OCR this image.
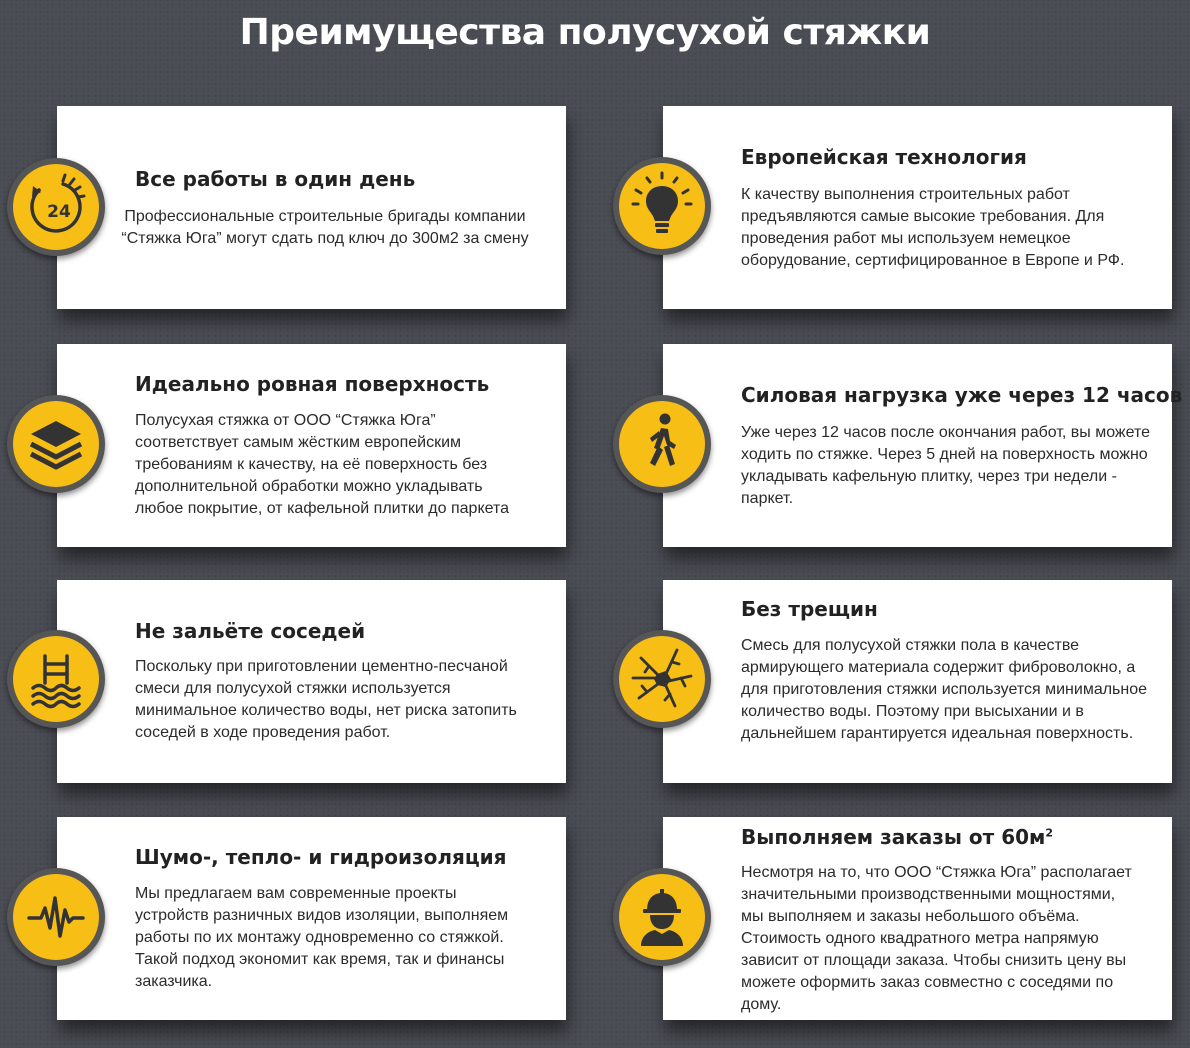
Преимущества полусухой стяжки
Все работы в один день

Профессиональные строительные бригады компании “Стяжка Юга” могут сдать под ключ до 300м2 за смену

24
Европейская технология

К качеству выполнения строительных работ предъявляются самые высокие требования. Для проведения работ мы используем немецкое оборудование, сертифицированное в Европе и РФ.

Идеально ровная поверхность

Полусухая стяжка от ООО “Стяжка Юга” соответствует самым жёстким европейским требованиям к качеству, на её поверхность без дополнительной обработки можно укладывать любое покрытие, от кафельной плитки до паркета

Силовая нагрузка уже через 12 часов

Уже через 12 часов после окончания работ, вы можете ходить по стяжке. Через 5 дней на поверхность можно укладывать кафельную плитку, через три недели - паркет.

Не зальёте соседей

Поскольку при приготовлении цементно-песчаной смеси для полусухой стяжки используется минимальное количество воды, нет риска затопить соседей в ходе проведения работ.

Без трещин

Смесь для полусухой стяжки пола в качестве армирующего материала содержит фиброволокно, а для приготовления стяжки используется минимальное количество воды. Поэтому при высыхании и в дальнейшем гарантируется идеальная поверхность.

Шумо-, тепло- и гидроизоляция

Мы предлагаем вам современные проекты устройств разничных видов изоляции, выполняем работы по их монтажу одновременно со стяжкой. Такой подход экономит как время, так и финансы заказчика.

Выполняем заказы от $60м^2$

Несмотря на то, что ООО “Стяжка Юга” располагает значительными производственными мощностями, мы выполняем и заказы небольшого объёма. Стоимость одного квадратного метра напрямую зависит от площади заказа. Чтобы снизить цену вы можете оформить заказ совместно с соседями по дому.
